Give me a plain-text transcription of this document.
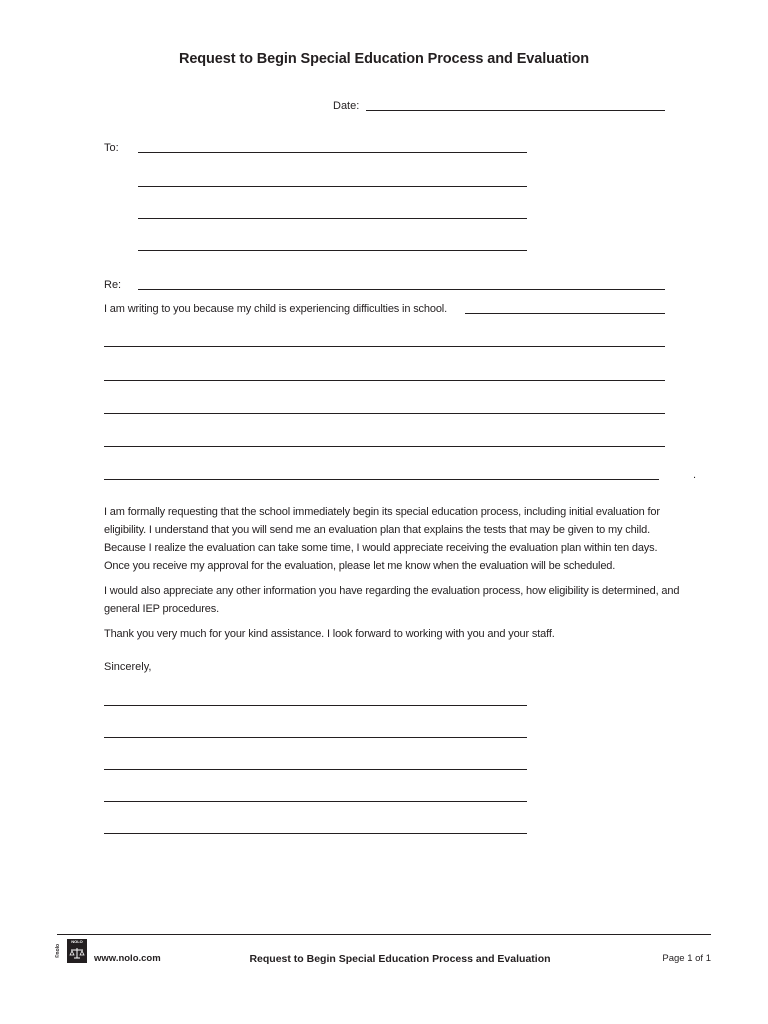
Request to Begin Special Education Process and Evaluation
Date:
To:
Re:
I am writing to you because my child is experiencing difficulties in school.
.

I am formally requesting that the school immediately begin its special education process, including initial evaluation for

eligibility. I understand that you will send me an evaluation plan that explains the tests that may be given to my child.

Because I realize the evaluation can take some time, I would appreciate receiving the evaluation plan within ten days.

Once you receive my approval for the evaluation, please let me know when the evaluation will be scheduled.

I would also appreciate any other information you have regarding the evaluation process, how eligibility is determined, and

general IEP procedures.

Thank you very much for your kind assistance. I look forward to working with you and your staff.

Sincerely,
©nolo
NOLO
www.nolo.com	Request to Begin Special Education Process and Evaluation	Page 1 of 1
